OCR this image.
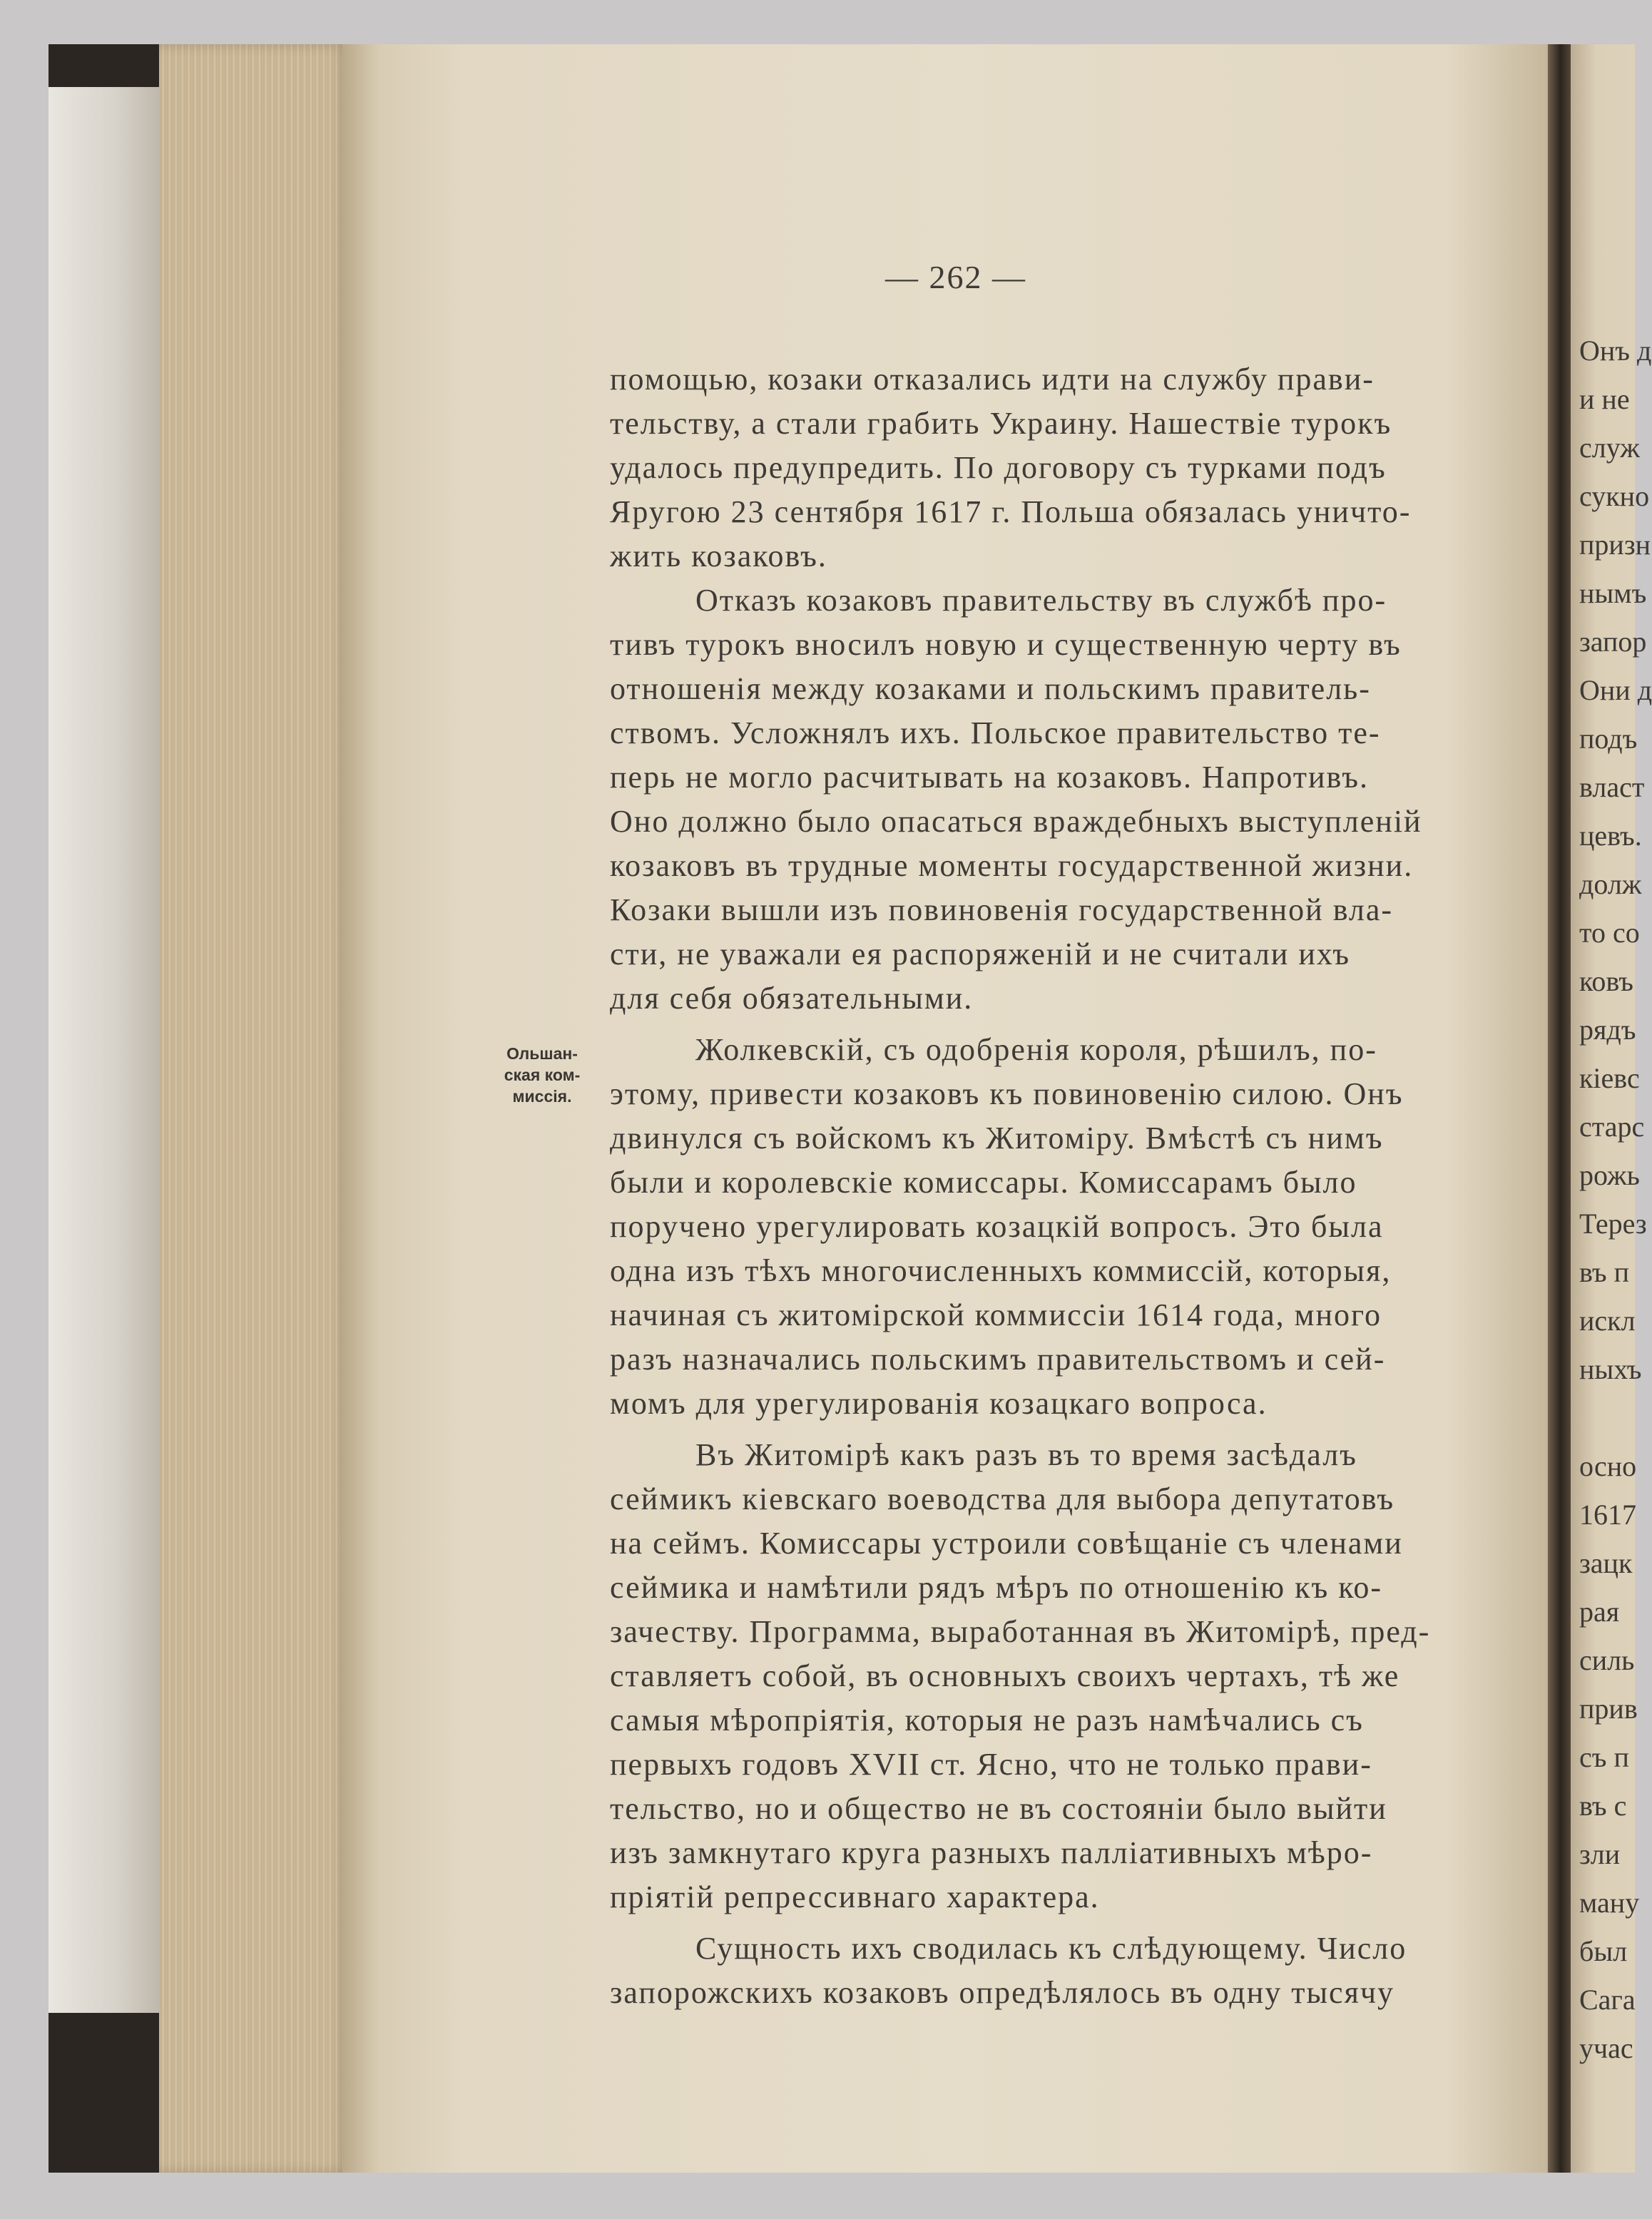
— 262 —
Ольшан-
ская ком-
миссія.
помощью, козаки отказались идти на службу прави-
тельству, а стали грабить Украину. Нашествіе турокъ
удалось предупредить. По договору съ турками подъ
Яругою 23 сентября 1617 г. Польша обязалась уничто-
жить козаковъ.
Отказъ козаковъ правительству въ службѣ про-
тивъ турокъ вносилъ новую и существенную черту въ
отношенія между козаками и польскимъ правитель-
ствомъ. Усложнялъ ихъ. Польское правительство те-
перь не могло расчитывать на козаковъ. Напротивъ.
Оно должно было опасаться враждебныхъ выступленій
козаковъ въ трудные моменты государственной жизни.
Козаки вышли изъ повиновенія государственной вла-
сти, не уважали ея распоряженій и не считали ихъ
для себя обязательными.
Жолкевскій, съ одобренія короля, рѣшилъ, по-
этому, привести козаковъ къ повиновенію силою. Онъ
двинулся съ войскомъ къ Житоміру. Вмѣстѣ съ нимъ
были и королевскіе комиссары. Комиссарамъ было
поручено урегулировать козацкій вопросъ. Это была
одна изъ тѣхъ многочисленныхъ коммиссій, которыя,
начиная съ житомірской коммиссіи 1614 года, много
разъ назначались польскимъ правительствомъ и сей-
момъ для урегулированія козацкаго вопроса.
Въ Житомірѣ какъ разъ въ то время засѣдалъ
сеймикъ кіевскаго воеводства для выбора депутатовъ
на сеймъ. Комиссары устроили совѣщаніе съ членами
сеймика и намѣтили рядъ мѣръ по отношенію къ ко-
зачеству. Программа, выработанная въ Житомірѣ, пред-
ставляетъ собой, въ основныхъ своихъ чертахъ, тѣ же
самыя мѣропріятія, которыя не разъ намѣчались съ
первыхъ годовъ XVII ст. Ясно, что не только прави-
тельство, но и общество не въ состояніи было выйти
изъ замкнутаго круга разныхъ палліативныхъ мѣро-
пріятій репрессивнаго характера.
Сущность ихъ сводилась къ слѣдующему. Число
запорожскихъ козаковъ опредѣлялось въ одну тысячу
Онъ д
и не
служ
сукно
призн
нымъ
запор
Они д
подъ
власт
цевъ.
долж
то со
ковъ
рядъ
кіевс
старс
рожь
Терез
въ п
искл
ныхъ
осно
1617
зацк
рая
силь
прив
съ п
въ с
зли
ману
был
Сага
учас
